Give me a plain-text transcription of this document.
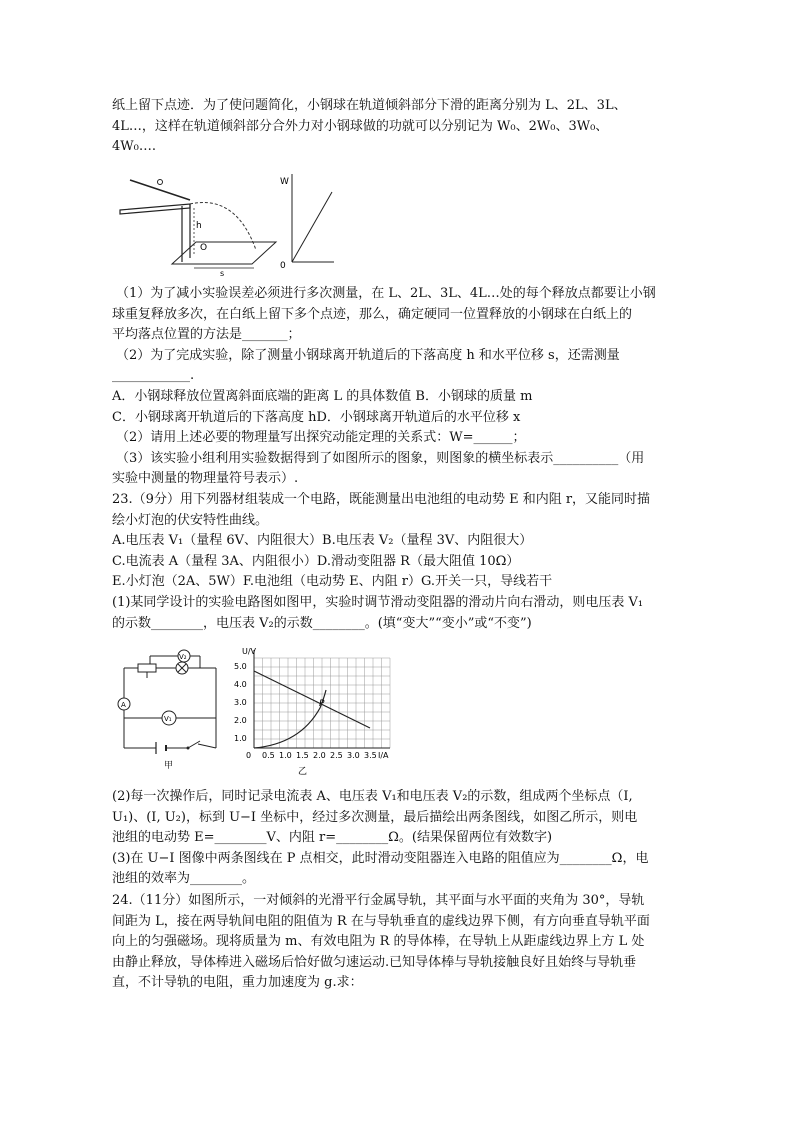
纸上留下点迹．为了使问题简化，小钢球在轨道倾斜部分下滑的距离分别为 L、2L、3L、
4L…，这样在轨道倾斜部分合外力对小钢球做的功就可以分别记为 W₀、2W₀、3W₀、
4W₀….
h
O
s
W
0
（1）为了减小实验误差必须进行多次测量，在 L、2L、3L、4L…处的每个释放点都要让小钢
球重复释放多次，在白纸上留下多个点迹，那么，确定硬同一位置释放的小钢球在白纸上的
平均落点位置的方法是_______；
（2）为了完成实验，除了测量小钢球离开轨道后的下落高度 h 和水平位移 s，还需测量
____________.
A．小钢球释放位置离斜面底端的距离 L 的具体数值 B．小钢球的质量 m
C．小钢球离开轨道后的下落高度 hD．小钢球离开轨道后的水平位移 x
（2）请用上述必要的物理量写出探究动能定理的关系式：W=______；
（3）该实验小组利用实验数据得到了如图所示的图象，则图象的横坐标表示__________（用
实验中测量的物理量符号表示）.
23.（9分）用下列器材组装成一个电路，既能测量出电池组的电动势 E 和内阻 r，又能同时描
绘小灯泡的伏安特性曲线。
A.电压表 V₁（量程 6V、内阻很大）B.电压表 V₂（量程 3V、内阻很大）
C.电流表 A（量程 3A、内阻很小）D.滑动变阻器 R（最大阻值 10Ω）
E.小灯泡（2A、5W）F.电池组（电动势 E、内阻 r）G.开关一只，导线若干
(1)某同学设计的实验电路图如图甲，实验时调节滑动变阻器的滑动片向右滑动，则电压表 V₁
的示数________，电压表 V₂的示数________。(填“变大”“变小”或“不变”)
V₂
A
V₁
甲
U/V
I/A
0
5.0
4.0
3.0
2.0
1.0
0.5 1.0 1.5 2.0 2.5 3.0 3.5
P
乙
(2)每一次操作后，同时记录电流表 A、电压表 V₁和电压表 V₂的示数，组成两个坐标点（I,
U₁)、(I, U₂)，标到 U−I 坐标中，经过多次测量，最后描绘出两条图线，如图乙所示，则电
池组的电动势 E=________V、内阻 r=________Ω。(结果保留两位有效数字)
(3)在 U−I 图像中两条图线在 P 点相交，此时滑动变阻器连入电路的阻值应为________Ω，电
池组的效率为________。
24.（11分）如图所示，一对倾斜的光滑平行金属导轨，其平面与水平面的夹角为 30°，导轨
间距为 L，接在两导轨间电阻的阻值为 R 在与导轨垂直的虚线边界下侧，有方向垂直导轨平面
向上的匀强磁场。现将质量为 m、有效电阻为 R 的导体棒，在导轨上从距虚线边界上方 L 处
由静止释放，导体棒进入磁场后恰好做匀速运动.已知导体棒与导轨接触良好且始终与导轨垂
直，不计导轨的电阻，重力加速度为 g.求：
